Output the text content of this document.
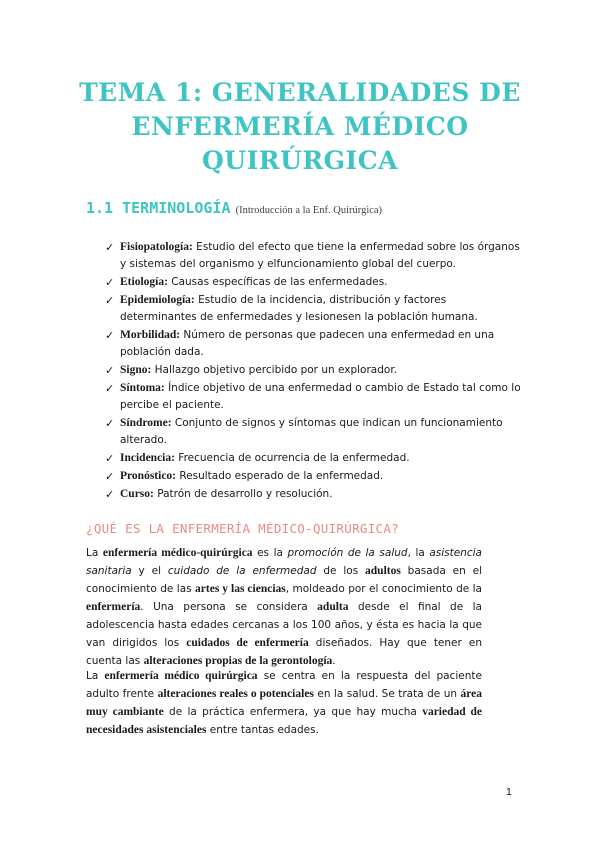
TEMA 1: GENERALIDADES DE
ENFERMERÍA MÉDICO
QUIRÚRGICA
1.1 TERMINOLOGÍA (Introducción a la Enf. Quirúrgica)
✓ Fisiopatología: Estudio del efecto que tiene la enfermedad sobre los órganos y sistemas del organismo y elfuncionamiento global del cuerpo.
✓ Etiología: Causas específicas de las enfermedades.
✓ Epidemiología: Estudio de la incidencia, distribución y factores determinantes de enfermedades y lesionesen la población humana.
✓ Morbilidad: Número de personas que padecen una enfermedad en una población dada.
✓ Signo: Hallazgo objetivo percibido por un explorador.
✓ Síntoma: Índice objetivo de una enfermedad o cambio de Estado tal como lo percibe el paciente.
✓ Síndrome: Conjunto de signos y síntomas que indican un funcionamiento alterado.
✓ Incidencia: Frecuencia de ocurrencia de la enfermedad.
✓ Pronóstico: Resultado esperado de la enfermedad.
✓ Curso: Patrón de desarrollo y resolución.
¿QUÉ ES LA ENFERMERÍA MÉDICO-QUIRÚRGICA?
La enfermería médico-quirúrgica es la promoción de la salud, la asistencia sanitaria y el cuidado de la enfermedad de los adultos basada en el conocimiento de las artes y las ciencias, moldeado por el conocimiento de la enfermería. Una persona se considera adulta desde el final de la adolescencia hasta edades cercanas a los 100 años, y ésta es hacia la que van dirigidos los cuidados de enfermería diseñados. Hay que tener en cuenta las alteraciones propias de la gerontología.
La enfermería médico quirúrgica se centra en la respuesta del paciente adulto frente alteraciones reales o potenciales en la salud. Se trata de un área muy cambiante de la práctica enfermera, ya que hay mucha variedad de necesidades asistenciales entre tantas edades.
1
